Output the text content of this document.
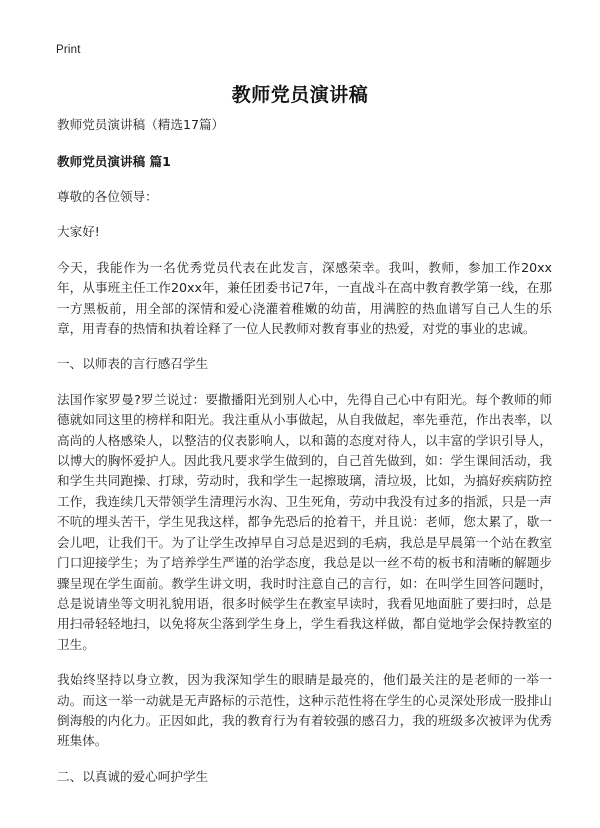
Print
教师党员演讲稿
教师党员演讲稿（精选17篇）
教师党员演讲稿 篇1
尊敬的各位领导：
大家好!
今天，我能作为一名优秀党员代表在此发言，深感荣幸。我叫，教师，参加工作20xx年，从事班主任工作20xx年，兼任团委书记7年，一直战斗在高中教育教学第一线，在那一方黑板前，用全部的深情和爱心浇灌着稚嫩的幼苗，用满腔的热血谱写自己人生的乐章，用青春的热情和执着诠释了一位人民教师对教育事业的热爱，对党的事业的忠诚。
一、以师表的言行感召学生
法国作家罗曼?罗兰说过：要撒播阳光到别人心中，先得自己心中有阳光。每个教师的师德就如同这里的榜样和阳光。我注重从小事做起，从自我做起，率先垂范，作出表率，以高尚的人格感染人，以整洁的仪表影响人，以和蔼的态度对待人，以丰富的学识引导人，以博大的胸怀爱护人。因此我凡要求学生做到的，自己首先做到，如：学生课间活动，我和学生共同跑操、打球，劳动时，我和学生一起擦玻璃，清垃圾，比如，为搞好疾病防控工作，我连续几天带领学生清理污水沟、卫生死角，劳动中我没有过多的指派，只是一声不吭的埋头苦干，学生见我这样，都争先恐后的抢着干，并且说：老师，您太累了，歇一会儿吧，让我们干。为了让学生改掉早自习总是迟到的毛病，我总是早晨第一个站在教室门口迎接学生；为了培养学生严谨的治学态度，我总是以一丝不苟的板书和清晰的解题步骤呈现在学生面前。教学生讲文明，我时时注意自己的言行，如：在叫学生回答问题时，总是说请坐等文明礼貌用语，很多时候学生在教室早读时，我看见地面脏了要扫时，总是用扫帚轻轻地扫，以免将灰尘落到学生身上，学生看我这样做，都自觉地学会保持教室的卫生。
我始终坚持以身立教，因为我深知学生的眼睛是最亮的，他们最关注的是老师的一举一动。而这一举一动就是无声路标的示范性，这种示范性将在学生的心灵深处形成一股排山倒海般的内化力。正因如此，我的教育行为有着较强的感召力，我的班级多次被评为优秀班集体。
二、以真诚的爱心呵护学生
